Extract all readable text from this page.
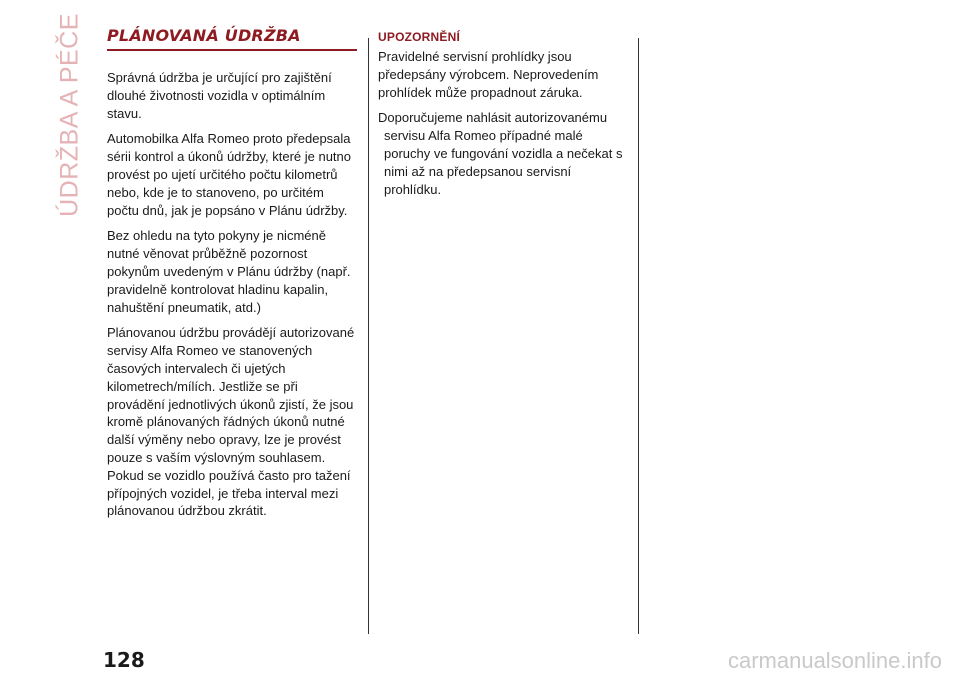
ÚDRŽBA A PÉČE PLÁNOVANÁ ÚDRŽBA

Správná údržba je určující pro zajištění dlouhé životnosti vozidla v optimálním stavu.

Automobilka Alfa Romeo proto předepsala sérii kontrol a úkonů údržby, které je nutno provést po ujetí určitého počtu kilometrů nebo, kde je to stanoveno, po určitém počtu dnů, jak je popsáno v Plánu údržby.

Bez ohledu na tyto pokyny je nicméně nutné věnovat průběžně pozornost pokynům uvedeným v Plánu údržby (např. pravidelně kontrolovat hladinu kapalin, nahuštění pneumatik, atd.)

Plánovanou údržbu provádějí autorizované servisy Alfa Romeo ve stanovených časových intervalech či ujetých kilometrech/mílích. Jestliže se při provádění jednotlivých úkonů zjistí, že jsou kromě plánovaných řádných úkonů nutné další výměny nebo opravy, lze je provést pouze s vaším výslovným souhlasem. Pokud se vozidlo používá často pro tažení přípojných vozidel, je třeba interval mezi plánovanou údržbou zkrátit.

UPOZORNĚNÍ

Pravidelné servisní prohlídky jsou předepsány výrobcem. Neprovedením prohlídek může propadnout záruka.

Doporučujeme nahlásit autorizovanému servisu Alfa Romeo případné malé poruchy ve fungování vozidla a nečekat s nimi až na předepsanou servisní prohlídku.

128	carmanualsonline.info
